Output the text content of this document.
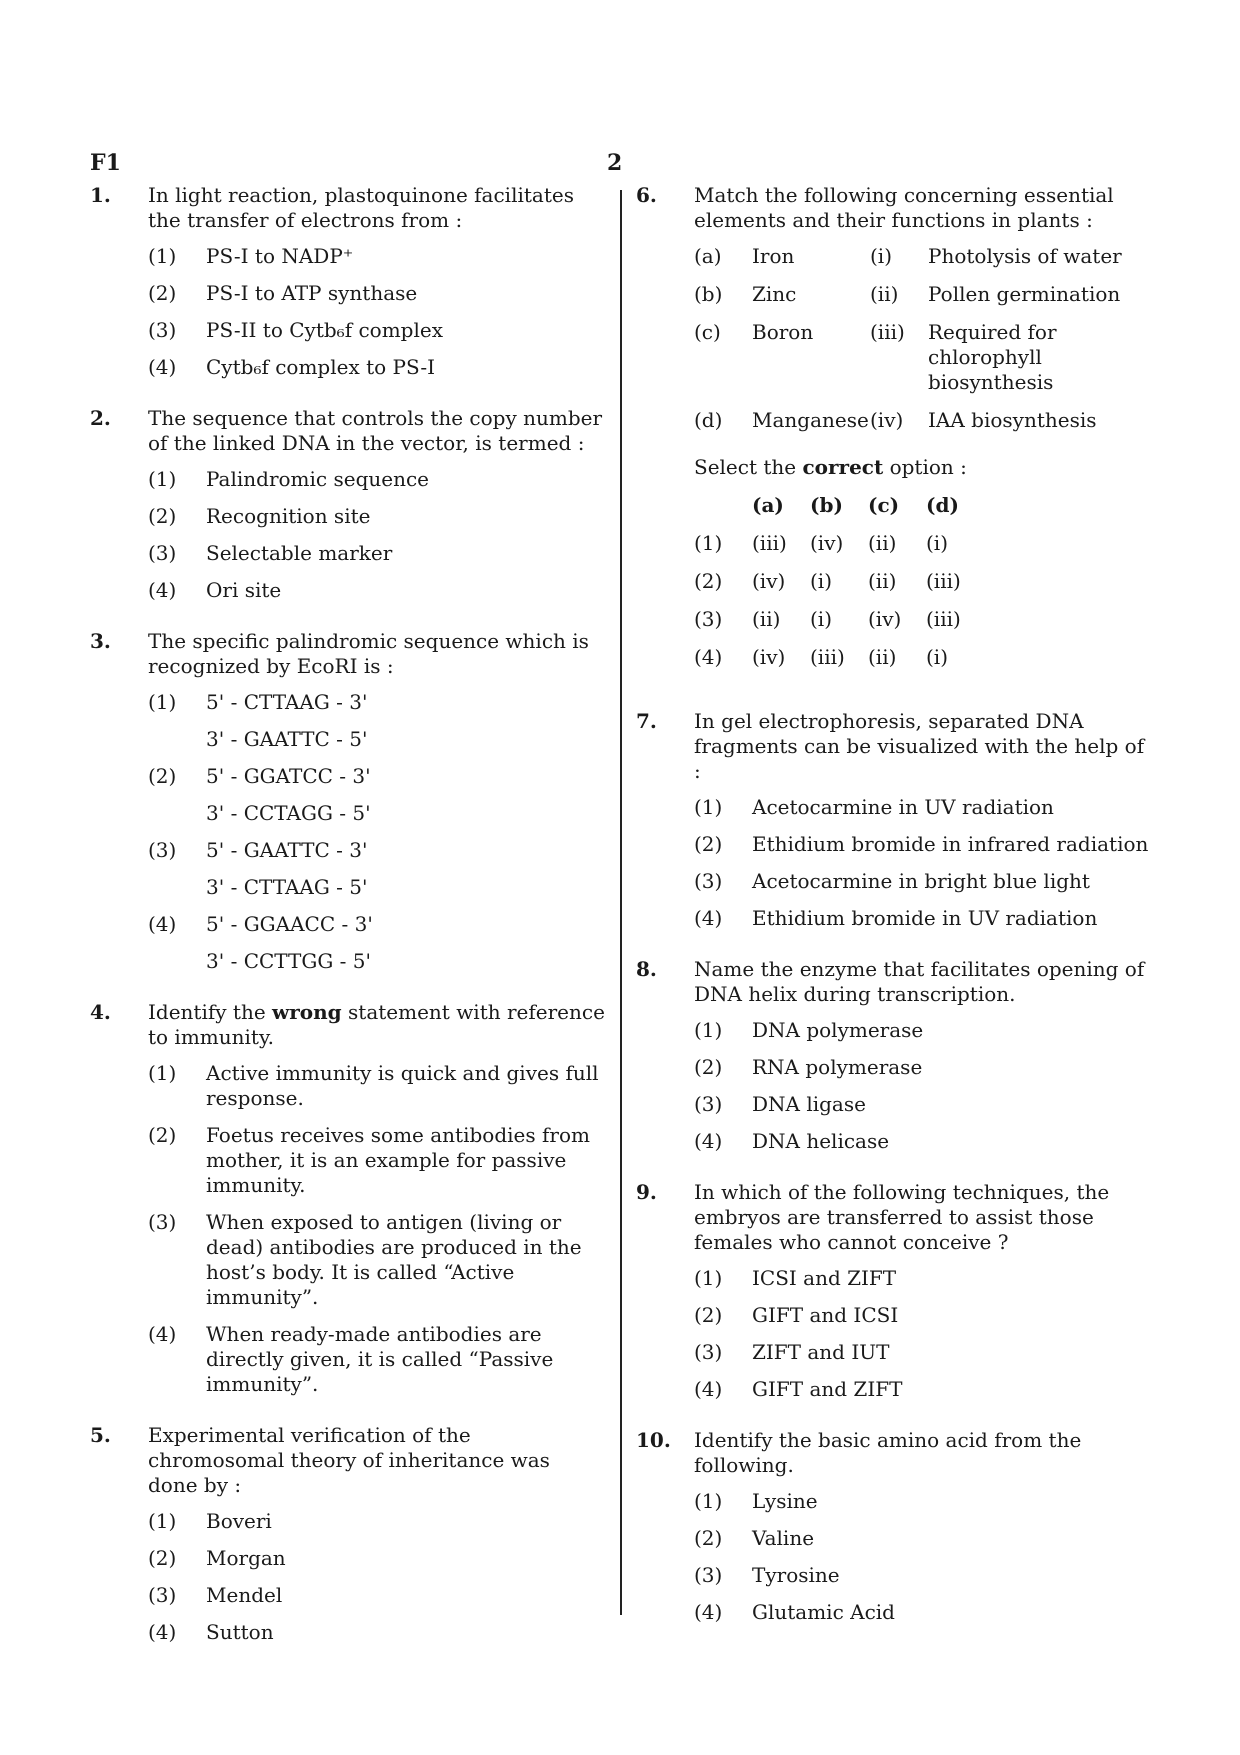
F1	2
1. In light reaction, plastoquinone facilitates the transfer of electrons from :
(1) PS-I to NADP⁺
(2) PS-I to ATP synthase
(3) PS-II to Cytb₆f complex
(4) Cytb₆f complex to PS-I
2. The sequence that controls the copy number of the linked DNA in the vector, is termed :
(1) Palindromic sequence
(2) Recognition site
(3) Selectable marker
(4) Ori site
3. The specific palindromic sequence which is recognized by EcoRI is :
(1) 5' - CTTAAG - 3'
3' - GAATTC - 5'
(2) 5' - GGATCC - 3'
3' - CCTAGG - 5'
(3) 5' - GAATTC - 3'
3' - CTTAAG - 5'
(4) 5' - GGAACC - 3'
3' - CCTTGG - 5'
4. Identify the wrong statement with reference to immunity.
(1) Active immunity is quick and gives full response.
(2) Foetus receives some antibodies from mother, it is an example for passive immunity.
(3) When exposed to antigen (living or dead) antibodies are produced in the host’s body. It is called “Active immunity”.
(4) When ready-made antibodies are directly given, it is called “Passive immunity”.
5. Experimental verification of the chromosomal theory of inheritance was done by :
(1) Boveri
(2) Morgan
(3) Mendel
(4) Sutton
6. Match the following concerning essential elements and their functions in plants :
(a)	Iron	(i)	Photolysis of water
(b)	Zinc	(ii)	Pollen germination
(c)	Boron	(iii)	Required for chlorophyll biosynthesis
(d)	Manganese	(iv)	IAA biosynthesis
Select the correct option :
	(a)	(b)	(c)	(d)
(1)	(iii)	(iv)	(ii)	(i)
(2)	(iv)	(i)	(ii)	(iii)
(3)	(ii)	(i)	(iv)	(iii)
(4)	(iv)	(iii)	(ii)	(i)
7. In gel electrophoresis, separated DNA fragments can be visualized with the help of :
(1) Acetocarmine in UV radiation
(2) Ethidium bromide in infrared radiation
(3) Acetocarmine in bright blue light
(4) Ethidium bromide in UV radiation
8. Name the enzyme that facilitates opening of DNA helix during transcription.
(1) DNA polymerase
(2) RNA polymerase
(3) DNA ligase
(4) DNA helicase
9. In which of the following techniques, the embryos are transferred to assist those females who cannot conceive ?
(1) ICSI and ZIFT
(2) GIFT and ICSI
(3) ZIFT and IUT
(4) GIFT and ZIFT
10. Identify the basic amino acid from the following.
(1) Lysine
(2) Valine
(3) Tyrosine
(4) Glutamic Acid
